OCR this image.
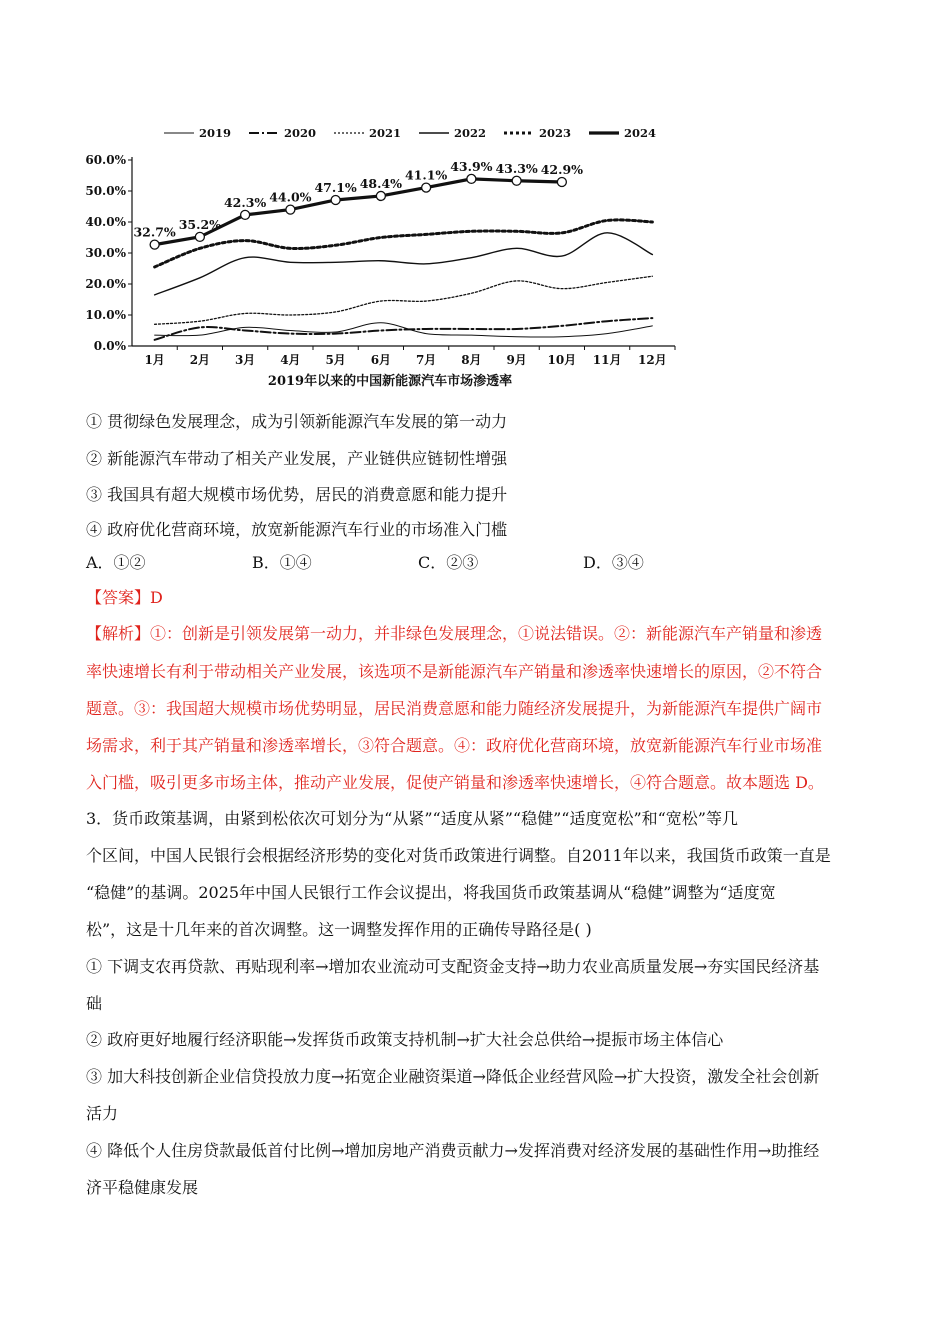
2019	2020	2021	2022	2023	2024
0.0%
10.0%
20.0%
30.0%
40.0%
50.0%
60.0%
1月 2月 3月 4月 5月 6月 7月 8月 9月 10月 11月 12月
32.7%
35.2%
42.3% 44.0%
47.1% 48.4%
41.1%
43.9% 43.3% 42.9%
2019年以来的中国新能源汽车市场渗透率
① 贯彻绿色发展理念，成为引领新能源汽车发展的第一动力
② 新能源汽车带动了相关产业发展，产业链供应链韧性增强
③ 我国具有超大规模市场优势，居民的消费意愿和能力提升
④ 政府优化营商环境，放宽新能源汽车行业的市场准入门槛
A．①②	B．①④	C．②③	D．③④
【答案】D
【解析】①：创新是引领发展第一动力，并非绿色发展理念，①说法错误。②：新能源汽车产销量和渗透
率快速增长有利于带动相关产业发展，该选项不是新能源汽车产销量和渗透率快速增长的原因，②不符合
题意。③：我国超大规模市场优势明显，居民消费意愿和能力随经济发展提升，为新能源汽车提供广阔市
场需求，利于其产销量和渗透率增长，③符合题意。④：政府优化营商环境，放宽新能源汽车行业市场准
入门槛，吸引更多市场主体，推动产业发展，促使产销量和渗透率快速增长，④符合题意。故本题选 D。
3．货币政策基调，由紧到松依次可划分为“从紧”“适度从紧”“稳健”“适度宽松”和“宽松”等几
个区间，中国人民银行会根据经济形势的变化对货币政策进行调整。自2011年以来，我国货币政策一直是
“稳健”的基调。2025年中国人民银行工作会议提出，将我国货币政策基调从“稳健”调整为“适度宽
松”，这是十几年来的首次调整。这一调整发挥作用的正确传导路径是( )
① 下调支农再贷款、再贴现利率→增加农业流动可支配资金支持→助力农业高质量发展→夯实国民经济基
础
② 政府更好地履行经济职能→发挥货币政策支持机制→扩大社会总供给→提振市场主体信心
③ 加大科技创新企业信贷投放力度→拓宽企业融资渠道→降低企业经营风险→扩大投资，激发全社会创新
活力
④ 降低个人住房贷款最低首付比例→增加房地产消费贡献力→发挥消费对经济发展的基础性作用→助推经
济平稳健康发展
